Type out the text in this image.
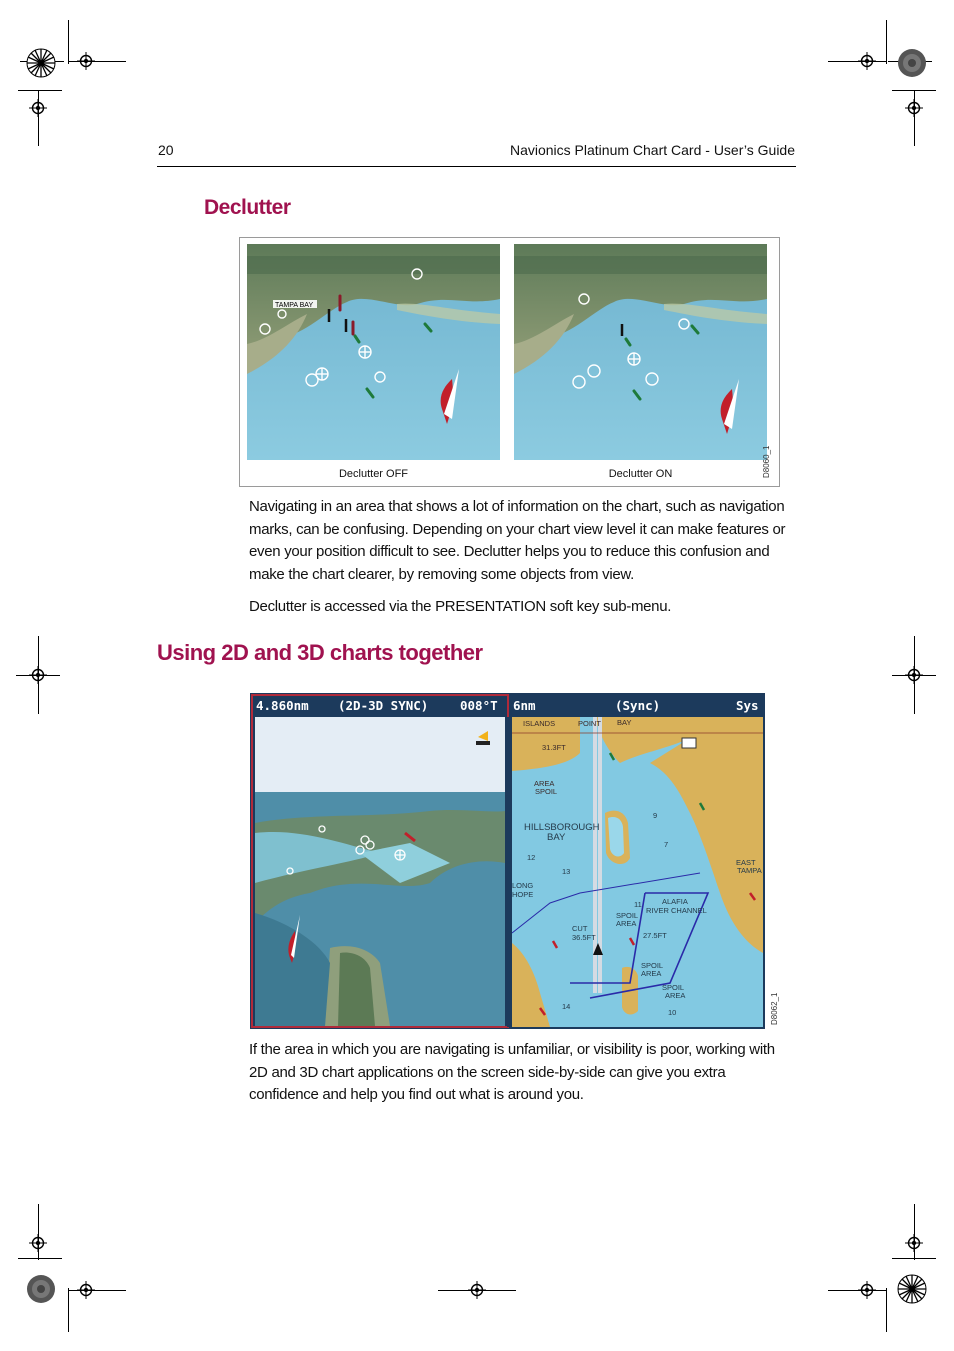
20	Navionics Platinum Chart Card - User’s Guide
Declutter
TAMPA BAY
Declutter OFF	Declutter ON	D8060_1

Navigating in an area that shows a lot of information on the chart, such as navigation marks, can be confusing. Depending on your chart view level it can make features or even your position difficult to see. Declutter helps you to reduce this confusion and make the chart clearer, by removing some objects from view.

Declutter is accessed via the PRESENTATION soft key sub-menu.

Using 2D and 3D charts together
ISLANDS	POINT BAY
31.3FT
SPOIL
AREA
HILLSBOROUGH
BAY
LONG
HOPE
ALAFIA
RIVER CHANNEL
SPOIL
AREA
CUT
36.5FT	27.5FT
EAST
TAMPA
SPOIL
AREA
SPOIL
AREA
12
13
11
14
10
9
7
4.860nm (2D-3D SYNC)	008°T 6nm	(Sync)	Sys
D8062_1

If the area in which you are navigating is unfamiliar, or visibility is poor, working with 2D and 3D chart applications on the screen side-by-side can give you extra confidence and help you find out what is around you.
